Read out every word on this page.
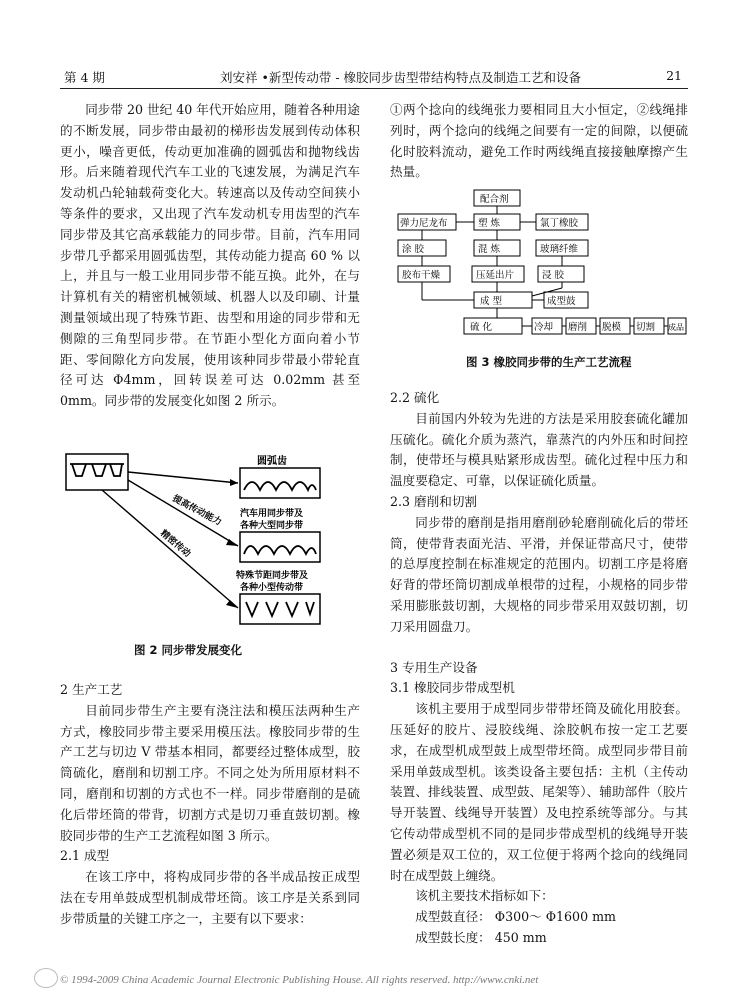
第 4 期	刘安祥 •新型传动带 - 橡胶同步齿型带结构特点及制造工艺和设备	21

同步带 20 世纪 40 年代开始应用，随着各种用途的不断发展，同步带由最初的梯形齿发展到传动体积更小，噪音更低，传动更加准确的圆弧齿和抛物线齿形。后来随着现代汽车工业的飞速发展，为满足汽车发动机凸轮轴载荷变化大。转速高以及传动空间狭小等条件的要求，又出现了汽车发动机专用齿型的汽车同步带及其它高承载能力的同步带。目前，汽车用同步带几乎都采用圆弧齿型，其传动能力提高 60 % 以上，并且与一般工业用同步带不能互换。此外，在与计算机有关的精密机械领域、机器人以及印刷、计量测量领域出现了特殊节距、齿型和用途的同步带和无侧隙的三角型同步带。在节距小型化方面向着小节距、零间隙化方向发展，使用该种同步带最小带轮直径可达 Φ4mm，回转误差可达 0.02mm 甚至 0mm。同步带的发展变化如图 2 所示。

圆弧齿
汽车用同步带及
各种大型同步带
特殊节距同步带及
各种小型传动带
提高传动能力
精密传动
图 2 同步带发展变化

2 生产工艺

目前同步带生产主要有浇注法和模压法两种生产方式，橡胶同步带主要采用模压法。橡胶同步带的生产工艺与切边 V 带基本相同，都要经过整体成型，胶筒硫化，磨削和切割工序。不同之处为所用原材料不同，磨削和切割的方式也不一样。同步带磨削的是硫化后带坯筒的带背，切割方式是切刀垂直鼓切割。橡胶同步带的生产工艺流程如图 3 所示。

2.1 成型

在该工序中，将构成同步带的各半成品按正成型法在专用单鼓成型机制成带坯筒。该工序是关系到同步带质量的关键工序之一，主要有以下要求：

①两个捻向的线绳张力要相同且大小恒定，②线绳排列时，两个捻向的线绳之间要有一定的间隙，以便硫化时胶料流动，避免工作时两线绳直接接触摩擦产生热量。

配合剂
弹力尼龙布	塑 炼	氯丁橡胶
涂 胶	混 炼	玻璃纤维
胶布干燥	压延出片	浸 胶
成 型	成型鼓
硫 化	冷却 磨削 脱模 切割 成品
图 3 橡胶同步带的生产工艺流程

2.2 硫化

目前国内外较为先进的方法是采用胶套硫化罐加压硫化。硫化介质为蒸汽，靠蒸汽的内外压和时间控制，使带坯与模具贴紧形成齿型。硫化过程中压力和温度要稳定、可靠，以保证硫化质量。

2.3 磨削和切割

同步带的磨削是指用磨削砂轮磨削硫化后的带坯筒，使带背表面光洁、平滑，并保证带高尺寸，使带的总厚度控制在标准规定的范围内。切割工序是将磨好背的带坯筒切割成单根带的过程，小规格的同步带采用膨胀鼓切割，大规格的同步带采用双鼓切割，切刀采用圆盘刀。

3 专用生产设备

3.1 橡胶同步带成型机

该机主要用于成型同步带带坯筒及硫化用胶套。压延好的胶片、浸胶线绳、涂胶帆布按一定工艺要求，在成型机成型鼓上成型带坯筒。成型同步带目前采用单鼓成型机。该类设备主要包括：主机（主传动装置、排线装置、成型鼓、尾架等）、辅助部件（胶片导开装置、线绳导开装置）及电控系统等部分。与其它传动带成型机不同的是同步带成型机的线绳导开装置必须是双工位的，双工位便于将两个捻向的线绳同时在成型鼓上缠绕。

该机主要技术指标如下：

成型鼓直径： Φ300～ Φ1600 mm

成型鼓长度： 450 mm

© 1994-2009 China Academic Journal Electronic Publishing House. All rights reserved. http://www.cnki.net
